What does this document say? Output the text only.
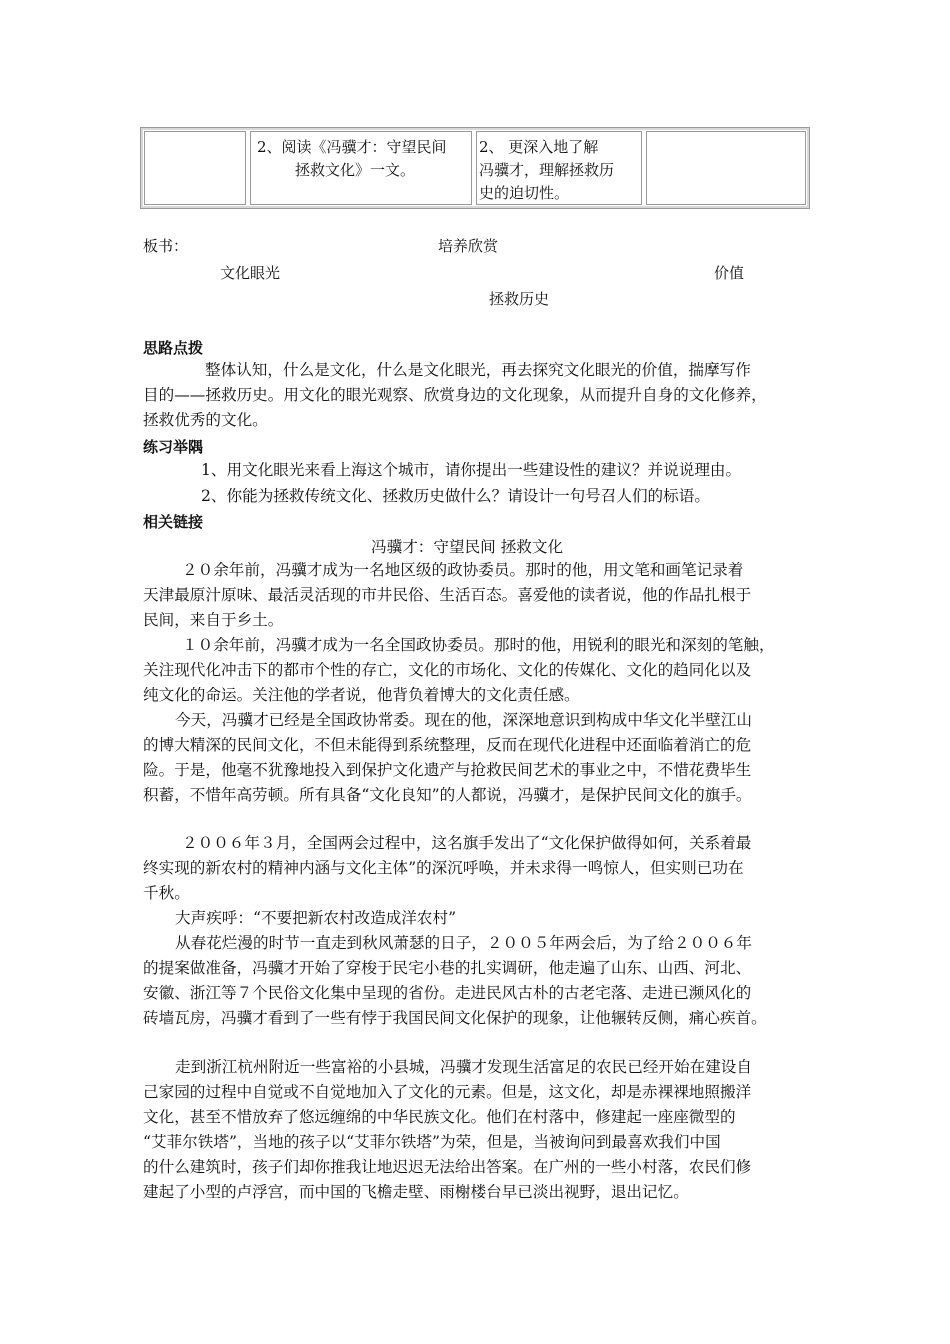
2、阅读《冯骥才：守望民间
拯救文化》一文。
2、 更深入地了解
冯骥才，理解拯救历
史的迫切性。
板书：	培养欣赏
文化眼光	价值
拯救历史
思路点拨
整体认知，什么是文化，什么是文化眼光，再去探究文化眼光的价值，揣摩写作
目的——拯救历史。用文化的眼光观察、欣赏身边的文化现象，从而提升自身的文化修养，
拯救优秀的文化。
练习举隅
1、用文化眼光来看上海这个城市，请你提出一些建设性的建议？并说说理由。
2、你能为拯救传统文化、拯救历史做什么？请设计一句号召人们的标语。
相关链接
冯骥才：守望民间 拯救文化
２０余年前，冯骥才成为一名地区级的政协委员。那时的他，用文笔和画笔记录着
天津最原汁原味、最活灵活现的市井民俗、生活百态。喜爱他的读者说，他的作品扎根于
民间，来自于乡土。
１０余年前，冯骥才成为一名全国政协委员。那时的他，用锐利的眼光和深刻的笔触，
关注现代化冲击下的都市个性的存亡，文化的市场化、文化的传媒化、文化的趋同化以及
纯文化的命运。关注他的学者说，他背负着博大的文化责任感。
今天，冯骥才已经是全国政协常委。现在的他，深深地意识到构成中华文化半壁江山
的博大精深的民间文化，不但未能得到系统整理，反而在现代化进程中还面临着消亡的危
险。于是，他毫不犹豫地投入到保护文化遗产与抢救民间艺术的事业之中，不惜花费毕生
积蓄，不惜年高劳顿。所有具备“文化良知”的人都说，冯骥才，是保护民间文化的旗手。
２００６年３月，全国两会过程中，这名旗手发出了“文化保护做得如何，关系着最
终实现的新农村的精神内涵与文化主体”的深沉呼唤，并未求得一鸣惊人，但实则已功在
千秋。
大声疾呼：“不要把新农村改造成洋农村”
从春花烂漫的时节一直走到秋风萧瑟的日子，２００５年两会后，为了给２００６年
的提案做准备，冯骥才开始了穿梭于民宅小巷的扎实调研，他走遍了山东、山西、河北、
安徽、浙江等７个民俗文化集中呈现的省份。走进民风古朴的古老宅落、走进已濒风化的
砖墙瓦房，冯骥才看到了一些有悖于我国民间文化保护的现象，让他辗转反侧，痛心疾首。
走到浙江杭州附近一些富裕的小县城，冯骥才发现生活富足的农民已经开始在建设自
己家园的过程中自觉或不自觉地加入了文化的元素。但是，这文化，却是赤裸裸地照搬洋
文化，甚至不惜放弃了悠远缠绵的中华民族文化。他们在村落中，修建起一座座微型的
“艾菲尔铁塔”，当地的孩子以“艾菲尔铁塔”为荣，但是，当被询问到最喜欢我们中国
的什么建筑时，孩子们却你推我让地迟迟无法给出答案。在广州的一些小村落，农民们修
建起了小型的卢浮宫，而中国的飞檐走壁、雨榭楼台早已淡出视野，退出记忆。
